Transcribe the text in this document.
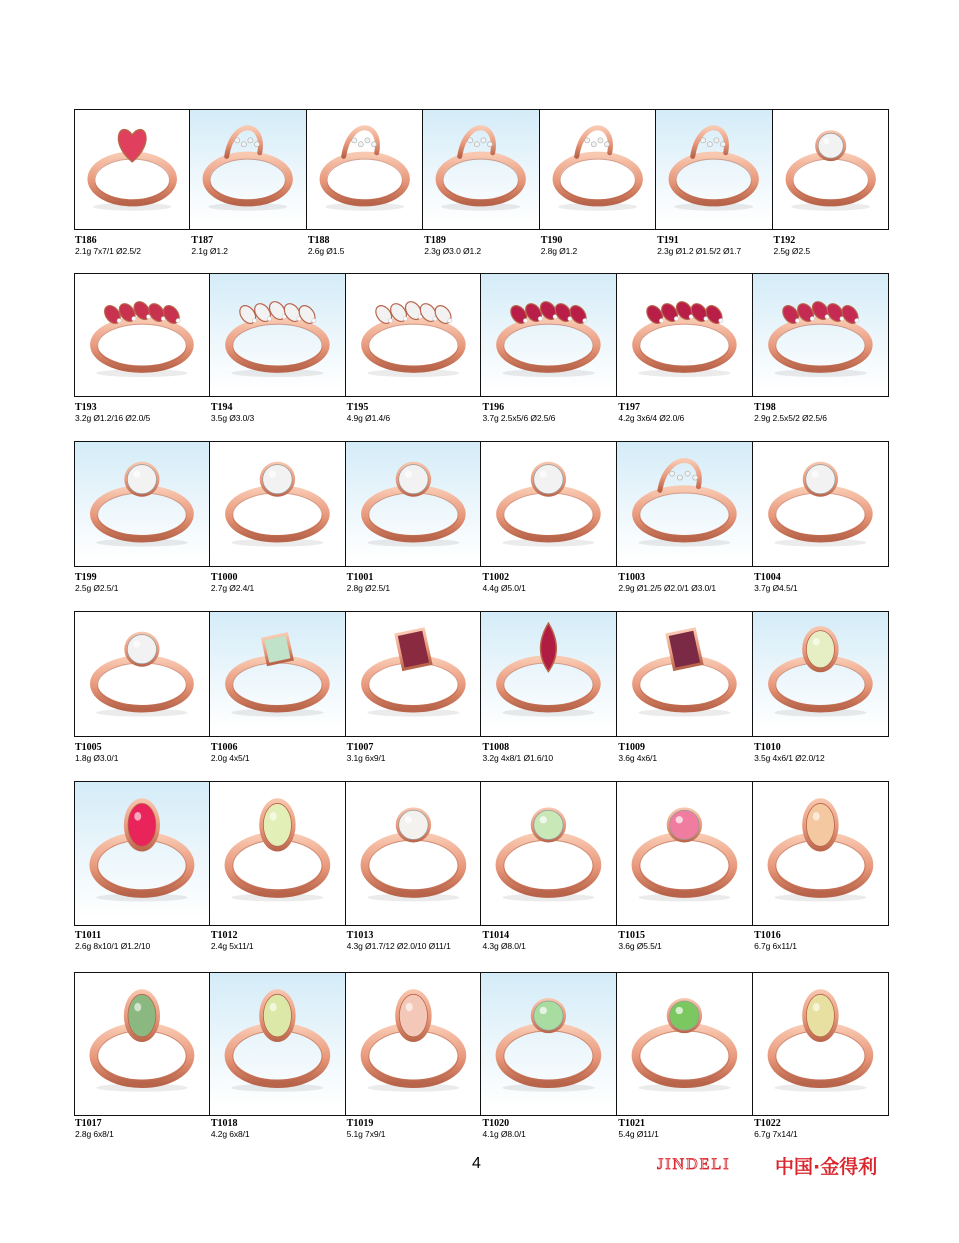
T186
2.1g 7x7/1 Ø2.5/2
T187
2.1g Ø1.2
T188
2.6g Ø1.5
T189
2.3g Ø3.0 Ø1.2
T190
2.8g Ø1.2
T191
2.3g Ø1.2 Ø1.5/2 Ø1.7
T192
2.5g Ø2.5
T193
3.2g Ø1.2/16 Ø2.0/5
T194
3.5g Ø3.0/3
T195
4.9g Ø1.4/6
T196
3.7g 2.5x5/6 Ø2.5/6
T197
4.2g 3x6/4 Ø2.0/6
T198
2.9g 2.5x5/2 Ø2.5/6
T199
2.5g Ø2.5/1
T1000
2.7g Ø2.4/1
T1001
2.8g Ø2.5/1
T1002
4.4g Ø5.0/1
T1003
2.9g Ø1.2/5 Ø2.0/1 Ø3.0/1
T1004
3.7g Ø4.5/1
T1005
1.8g Ø3.0/1
T1006
2.0g 4x5/1
T1007
3.1g 6x9/1
T1008
3.2g 4x8/1 Ø1.6/10
T1009
3.6g 4x6/1
T1010
3.5g 4x6/1 Ø2.0/12
T1011
2.6g 8x10/1 Ø1.2/10
T1012
2.4g 5x11/1
T1013
4.3g Ø1.7/12 Ø2.0/10 Ø11/1
T1014
4.3g Ø8.0/1
T1015
3.6g Ø5.5/1
T1016
6.7g 6x11/1
T1017
2.8g 6x8/1
T1018
4.2g 6x8/1
T1019
5.1g 7x9/1
T1020
4.1g Ø8.0/1
T1021
5.4g Ø11/1
T1022
6.7g 7x14/1
4	JINDELI 中国·金得利
